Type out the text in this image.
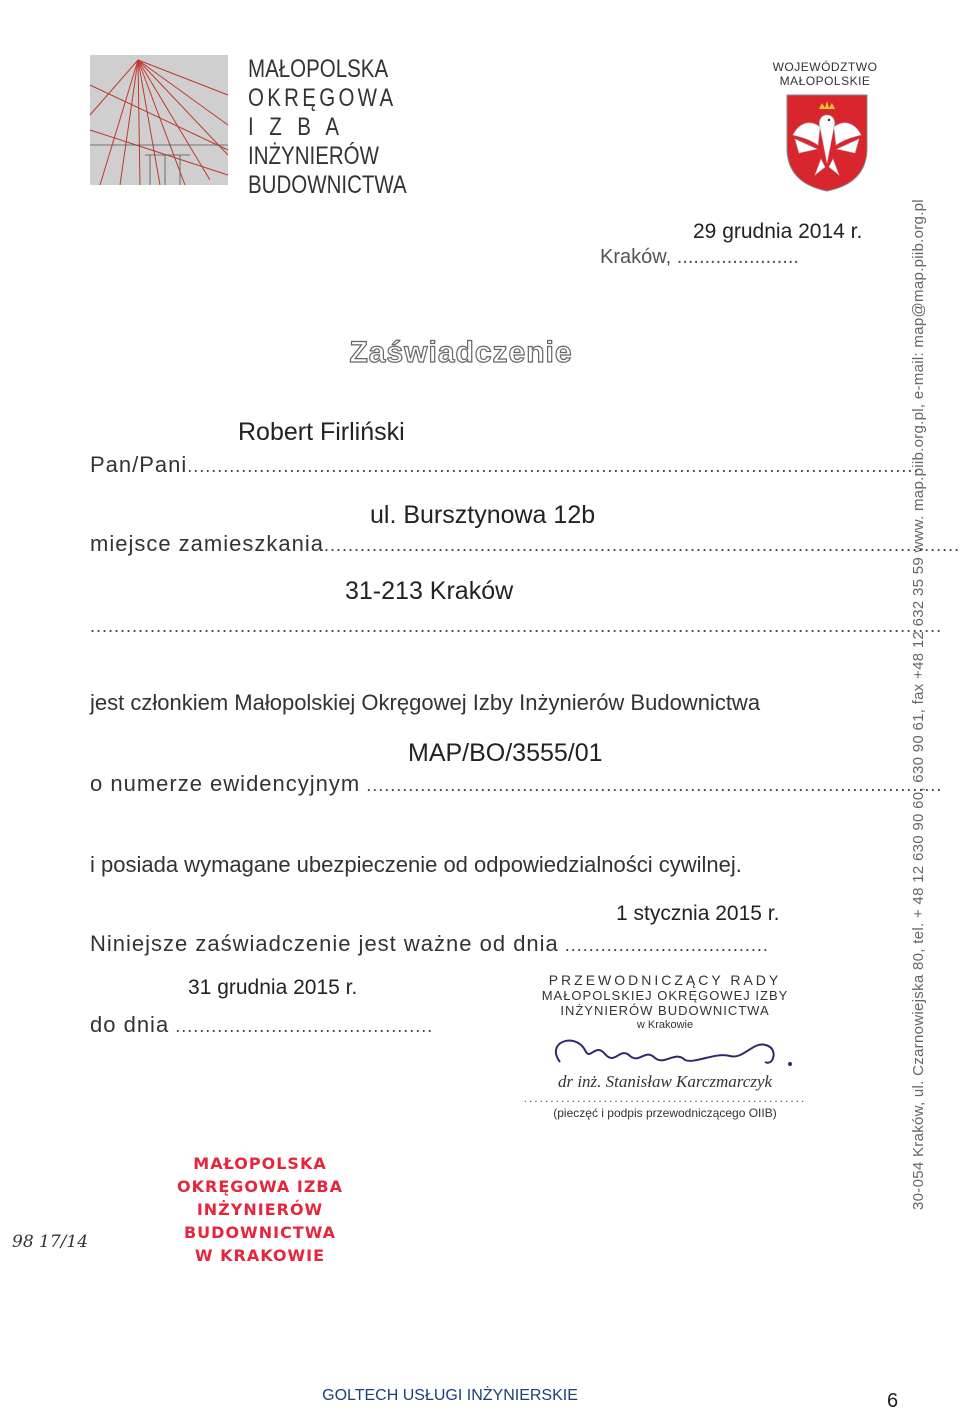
MAŁOPOLSKA
OKRĘGOWA
I Z B A
INŻYNIERÓW
BUDOWNICTWA
WOJEWÓDZTWO
MAŁOPOLSKIE
30-054 Kraków, ul. Czarnowiejska 80, tel. + 48 12 630 90 60, 630 90 61, fax +48 12 632 35 59 www. map.piib.org.pl, e-mail: map@map.piib.org.pl
29 grudnia 2014 r.
Kraków, ......................
Zaświadczenie
Robert Firliński
Pan/Pani..........................................................................................................................
ul. Bursztynowa 12b
miejsce zamieszkania..........................................................................................................
31-213 Kraków
..............................................................................................................................................
jest członkiem Małopolskiej Okręgowej Izby Inżynierów Budownictwa
MAP/BO/3555/01
o numerze ewidencyjnym ................................................................................................
i posiada wymagane ubezpieczenie od odpowiedzialności cywilnej.
1 stycznia 2015 r.
Niniejsze zaświadczenie jest ważne od dnia ..................................
31 grudnia 2015 r.
do dnia ...........................................
PRZEWODNICZĄCY RADY
MAŁOPOLSKIEJ OKRĘGOWEJ IZBY
INŻYNIERÓW BUDOWNICTWA
w Krakowie
dr inż. Stanisław Karczmarczyk
.....................................................
(pieczęć i podpis przewodniczącego OIIB)
MAŁOPOLSKA OKRĘGOWA IZBA
INŻYNIERÓW BUDOWNICTWA
W KRAKOWIE
98 17/14
GOLTECH USŁUGI INŻYNIERSKIE	6
